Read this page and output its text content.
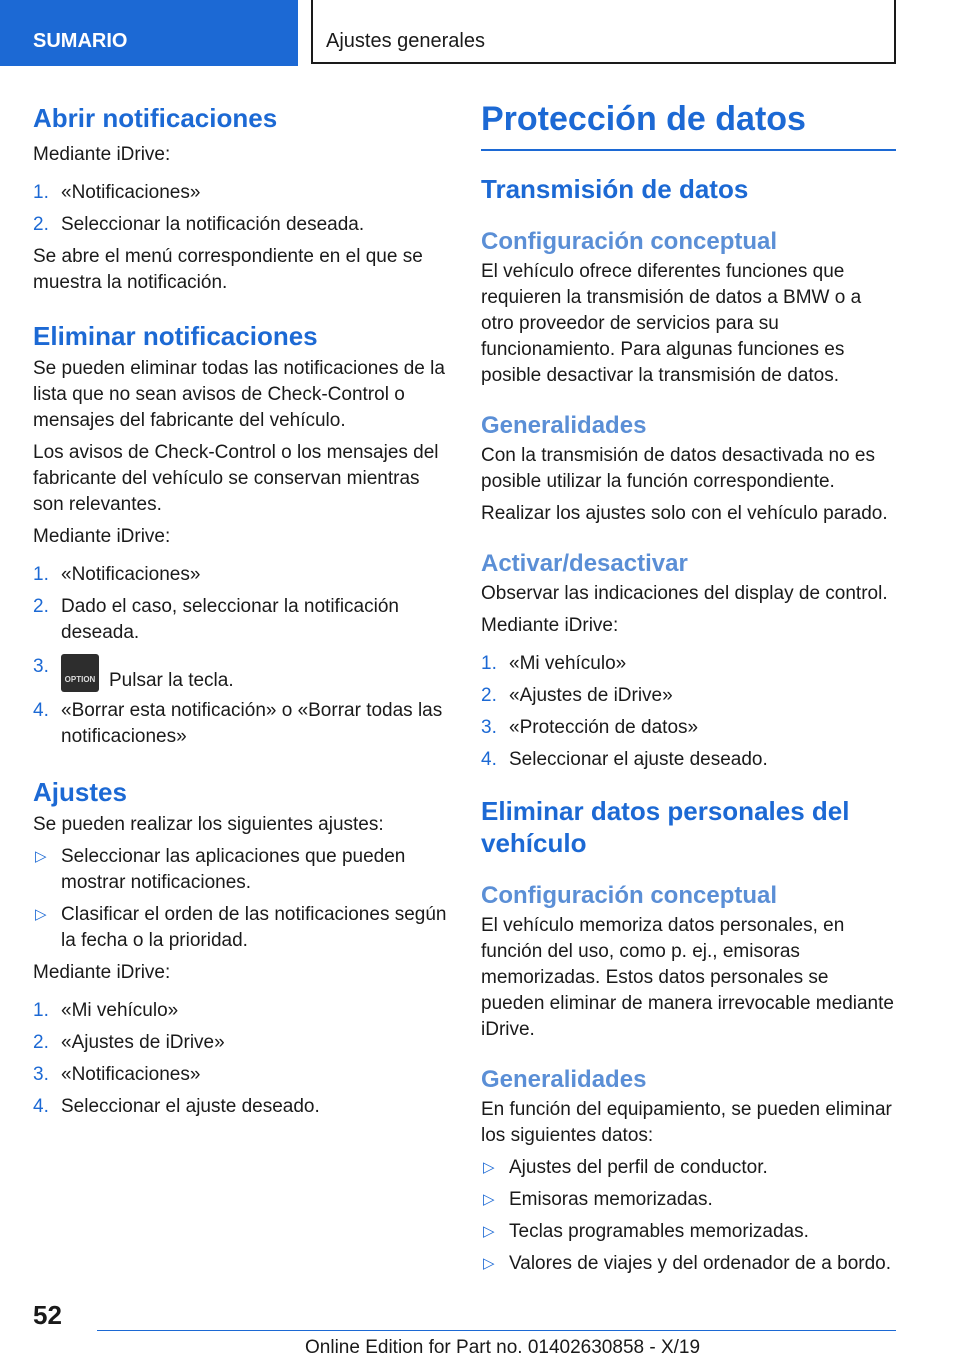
SUMARIO	Ajustes generales
Abrir notificaciones

Mediante iDrive:

1. «Notificaciones»
2. Seleccionar la notificación deseada.

Se abre el menú correspondiente en el que se muestra la notificación.

Eliminar notificaciones

Se pueden eliminar todas las notificaciones de la lista que no sean avisos de Check-Control o mensajes del fabricante del vehículo.

Los avisos de Check-Control o los mensajes del fabricante del vehículo se conservan mientras son relevantes.

Mediante iDrive:

1. «Notificaciones»
2. Dado el caso, seleccionar la notificación deseada.
3.
OPTION Pulsar la tecla.
4. «Borrar esta notificación» o «Borrar todas las notificaciones»
Ajustes

Se pueden realizar los siguientes ajustes:

▷ Seleccionar las aplicaciones que pueden mostrar notificaciones.
▷ Clasificar el orden de las notificaciones según la fecha o la prioridad.

Mediante iDrive:

1. «Mi vehículo»
2. «Ajustes de iDrive»
3. «Notificaciones»
4. Seleccionar el ajuste deseado.
Protección de datos
Transmisión de datos
Configuración conceptual

El vehículo ofrece diferentes funciones que requieren la transmisión de datos a BMW o a otro proveedor de servicios para su funcionamiento. Para algunas funciones es posible desactivar la transmisión de datos.

Generalidades

Con la transmisión de datos desactivada no es posible utilizar la función correspondiente.

Realizar los ajustes solo con el vehículo parado.

Activar/desactivar

Observar las indicaciones del display de control.

Mediante iDrive:

1. «Mi vehículo»
2. «Ajustes de iDrive»
3. «Protección de datos»
4. Seleccionar el ajuste deseado.
Eliminar datos personales del vehículo
Configuración conceptual

El vehículo memoriza datos personales, en función del uso, como p. ej., emisoras memorizadas. Estos datos personales se pueden eliminar de manera irrevocable mediante iDrive.

Generalidades

En función del equipamiento, se pueden eliminar los siguientes datos:

▷ Ajustes del perfil de conductor.
▷ Emisoras memorizadas.
▷ Teclas programables memorizadas.
▷ Valores de viajes y del ordenador de a bordo.
52
Online Edition for Part no. 01402630858 - X/19
